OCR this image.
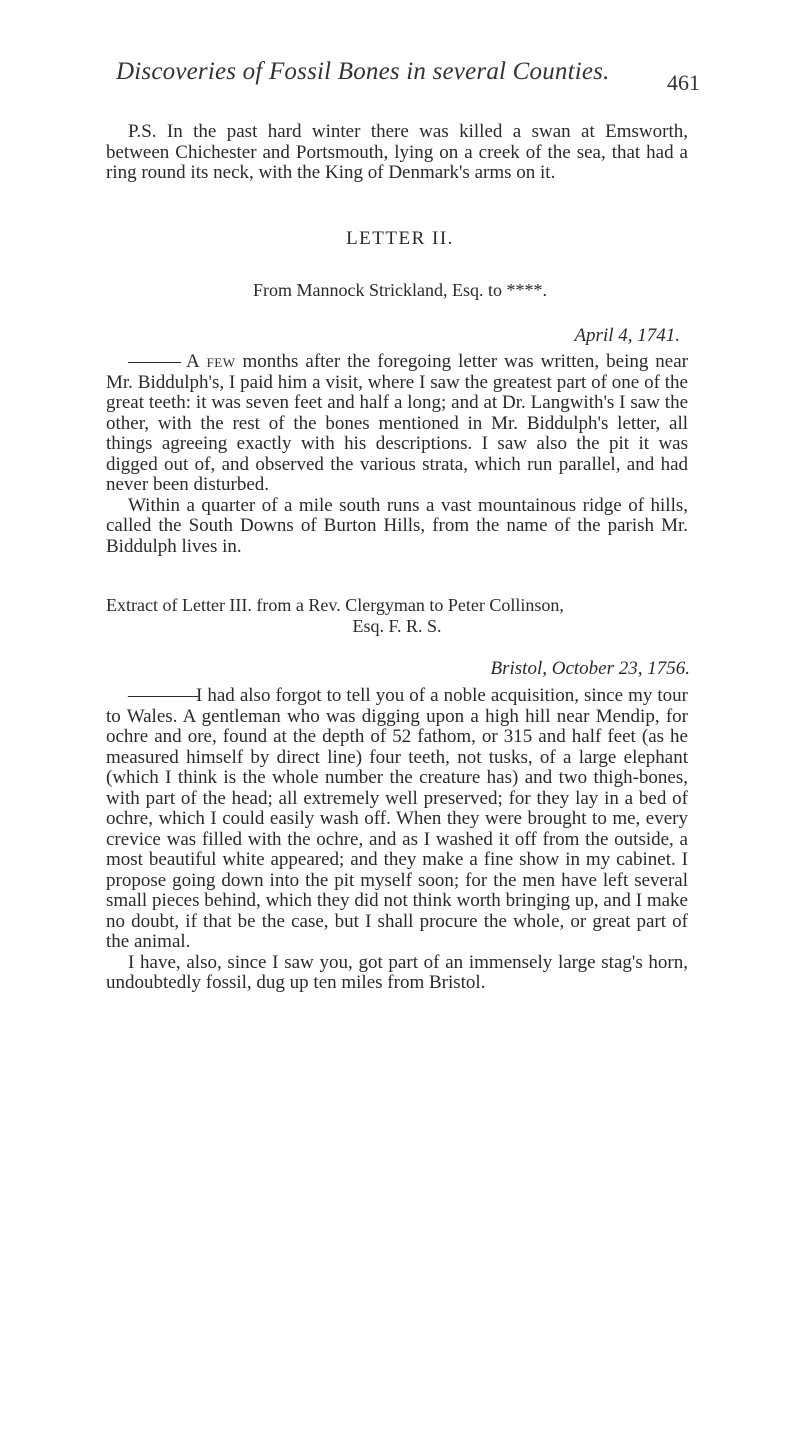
Discoveries of Fossil Bones in several Counties.	461

P.S. In the past hard winter there was killed a swan at Emsworth, between Chichester and Portsmouth, lying on a creek of the sea, that had a ring round its neck, with the King of Denmark's arms on it.

LETTER II.
From Mannock Strickland, Esq. to ****.
April 4, 1741.

——— A few months after the foregoing letter was written, being near Mr. Biddulph's, I paid him a visit, where I saw the greatest part of one of the great teeth: it was seven feet and half a long; and at Dr. Langwith's I saw the other, with the rest of the bones mentioned in Mr. Biddulph's letter, all things agreeing exactly with his descriptions. I saw also the pit it was digged out of, and observed the various strata, which run parallel, and had never been disturbed.

Within a quarter of a mile south runs a vast mountainous ridge of hills, called the South Downs of Burton Hills, from the name of the parish Mr. Biddulph lives in.

Extract of Letter III. from a Rev. Clergyman to Peter Collinson,
Esq. F. R. S.
Bristol, October 23, 1756.

————I had also forgot to tell you of a noble acquisition, since my tour to Wales. A gentleman who was digging upon a high hill near Mendip, for ochre and ore, found at the depth of 52 fathom, or 315 and half feet (as he measured himself by direct line) four teeth, not tusks, of a large elephant (which I think is the whole number the creature has) and two thigh-bones, with part of the head; all extremely well preserved; for they lay in a bed of ochre, which I could easily wash off. When they were brought to me, every crevice was filled with the ochre, and as I washed it off from the outside, a most beautiful white appeared; and they make a fine show in my cabinet. I propose going down into the pit myself soon; for the men have left several small pieces behind, which they did not think worth bringing up, and I make no doubt, if that be the case, but I shall procure the whole, or great part of the animal.

I have, also, since I saw you, got part of an immensely large stag's horn, undoubtedly fossil, dug up ten miles from Bristol.
